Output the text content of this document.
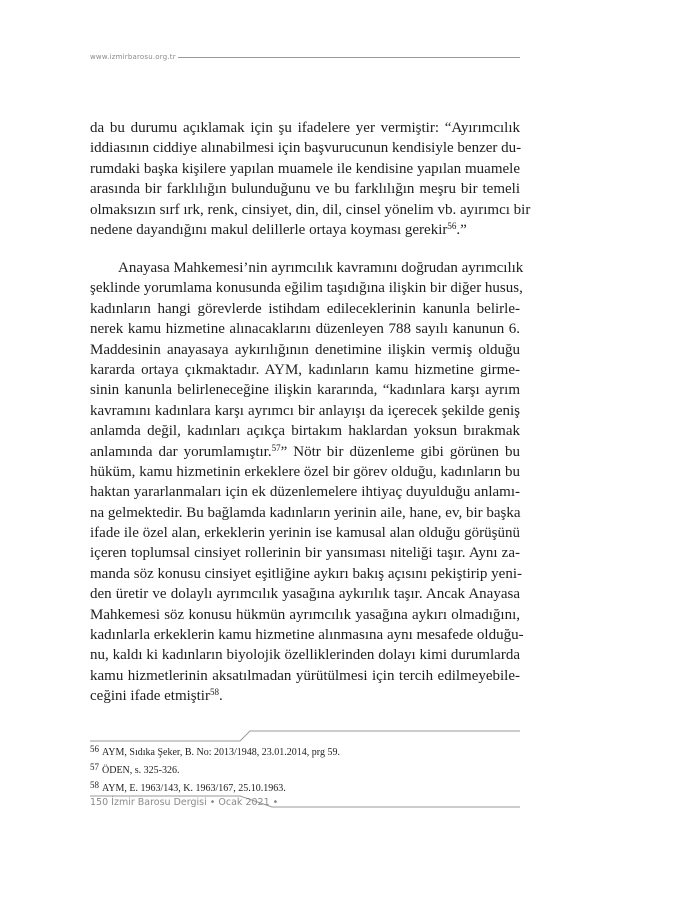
www.izmirbarosu.org.tr
da bu durumu açıklamak için şu ifadelere yer vermiştir: “Ayırımcılık
iddiasının ciddiye alınabilmesi için başvurucunun kendisiyle benzer du-
rumdaki başka kişilere yapılan muamele ile kendisine yapılan muamele
arasında bir farklılığın bulunduğunu ve bu farklılığın meşru bir temeli
olmaksızın sırf ırk, renk, cinsiyet, din, dil, cinsel yönelim vb. ayırımcı bir
nedene dayandığını makul delillerle ortaya koyması gerekir$^{56}$.”
Anayasa Mahkemesi’nin ayrımcılık kavramını doğrudan ayrımcılık
şeklinde yorumlama konusunda eğilim taşıdığına ilişkin bir diğer husus,
kadınların hangi görevlerde istihdam edileceklerinin kanunla belirle-
nerek kamu hizmetine alınacaklarını düzenleyen 788 sayılı kanunun 6.
Maddesinin anayasaya aykırılığının denetimine ilişkin vermiş olduğu
kararda ortaya çıkmaktadır. AYM, kadınların kamu hizmetine girme-
sinin kanunla belirleneceğine ilişkin kararında, “kadınlara karşı ayrım
kavramını kadınlara karşı ayrımcı bir anlayışı da içerecek şekilde geniş
anlamda değil, kadınları açıkça birtakım haklardan yoksun bırakmak
anlamında dar yorumlamıştır.$^{57}$” Nötr bir düzenleme gibi görünen bu
hüküm, kamu hizmetinin erkeklere özel bir görev olduğu, kadınların bu
haktan yararlanmaları için ek düzenlemelere ihtiyaç duyulduğu anlamı-
na gelmektedir. Bu bağlamda kadınların yerinin aile, hane, ev, bir başka
ifade ile özel alan, erkeklerin yerinin ise kamusal alan olduğu görüşünü
içeren toplumsal cinsiyet rollerinin bir yansıması niteliği taşır. Aynı za-
manda söz konusu cinsiyet eşitliğine aykırı bakış açısını pekiştirip yeni-
den üretir ve dolaylı ayrımcılık yasağına aykırılık taşır. Ancak Anayasa
Mahkemesi söz konusu hükmün ayrımcılık yasağına aykırı olmadığını,
kadınlarla erkeklerin kamu hizmetine alınmasına aynı mesafede olduğu-
nu, kaldı ki kadınların biyolojik özelliklerinden dolayı kimi durumlarda
kamu hizmetlerinin aksatılmadan yürütülmesi için tercih edilmeyebile-
ceğini ifade etmiştir$^{58}$.
$^{56}$ AYM, Sıdıka Şeker, B. No: 2013/1948, 23.01.2014, prg 59.
$^{57}$ ÖDEN, s. 325-326.
$^{58}$ AYM, E. 1963/143, K. 1963/167, 25.10.1963.
150 İzmir Barosu Dergisi • Ocak 2021 •
